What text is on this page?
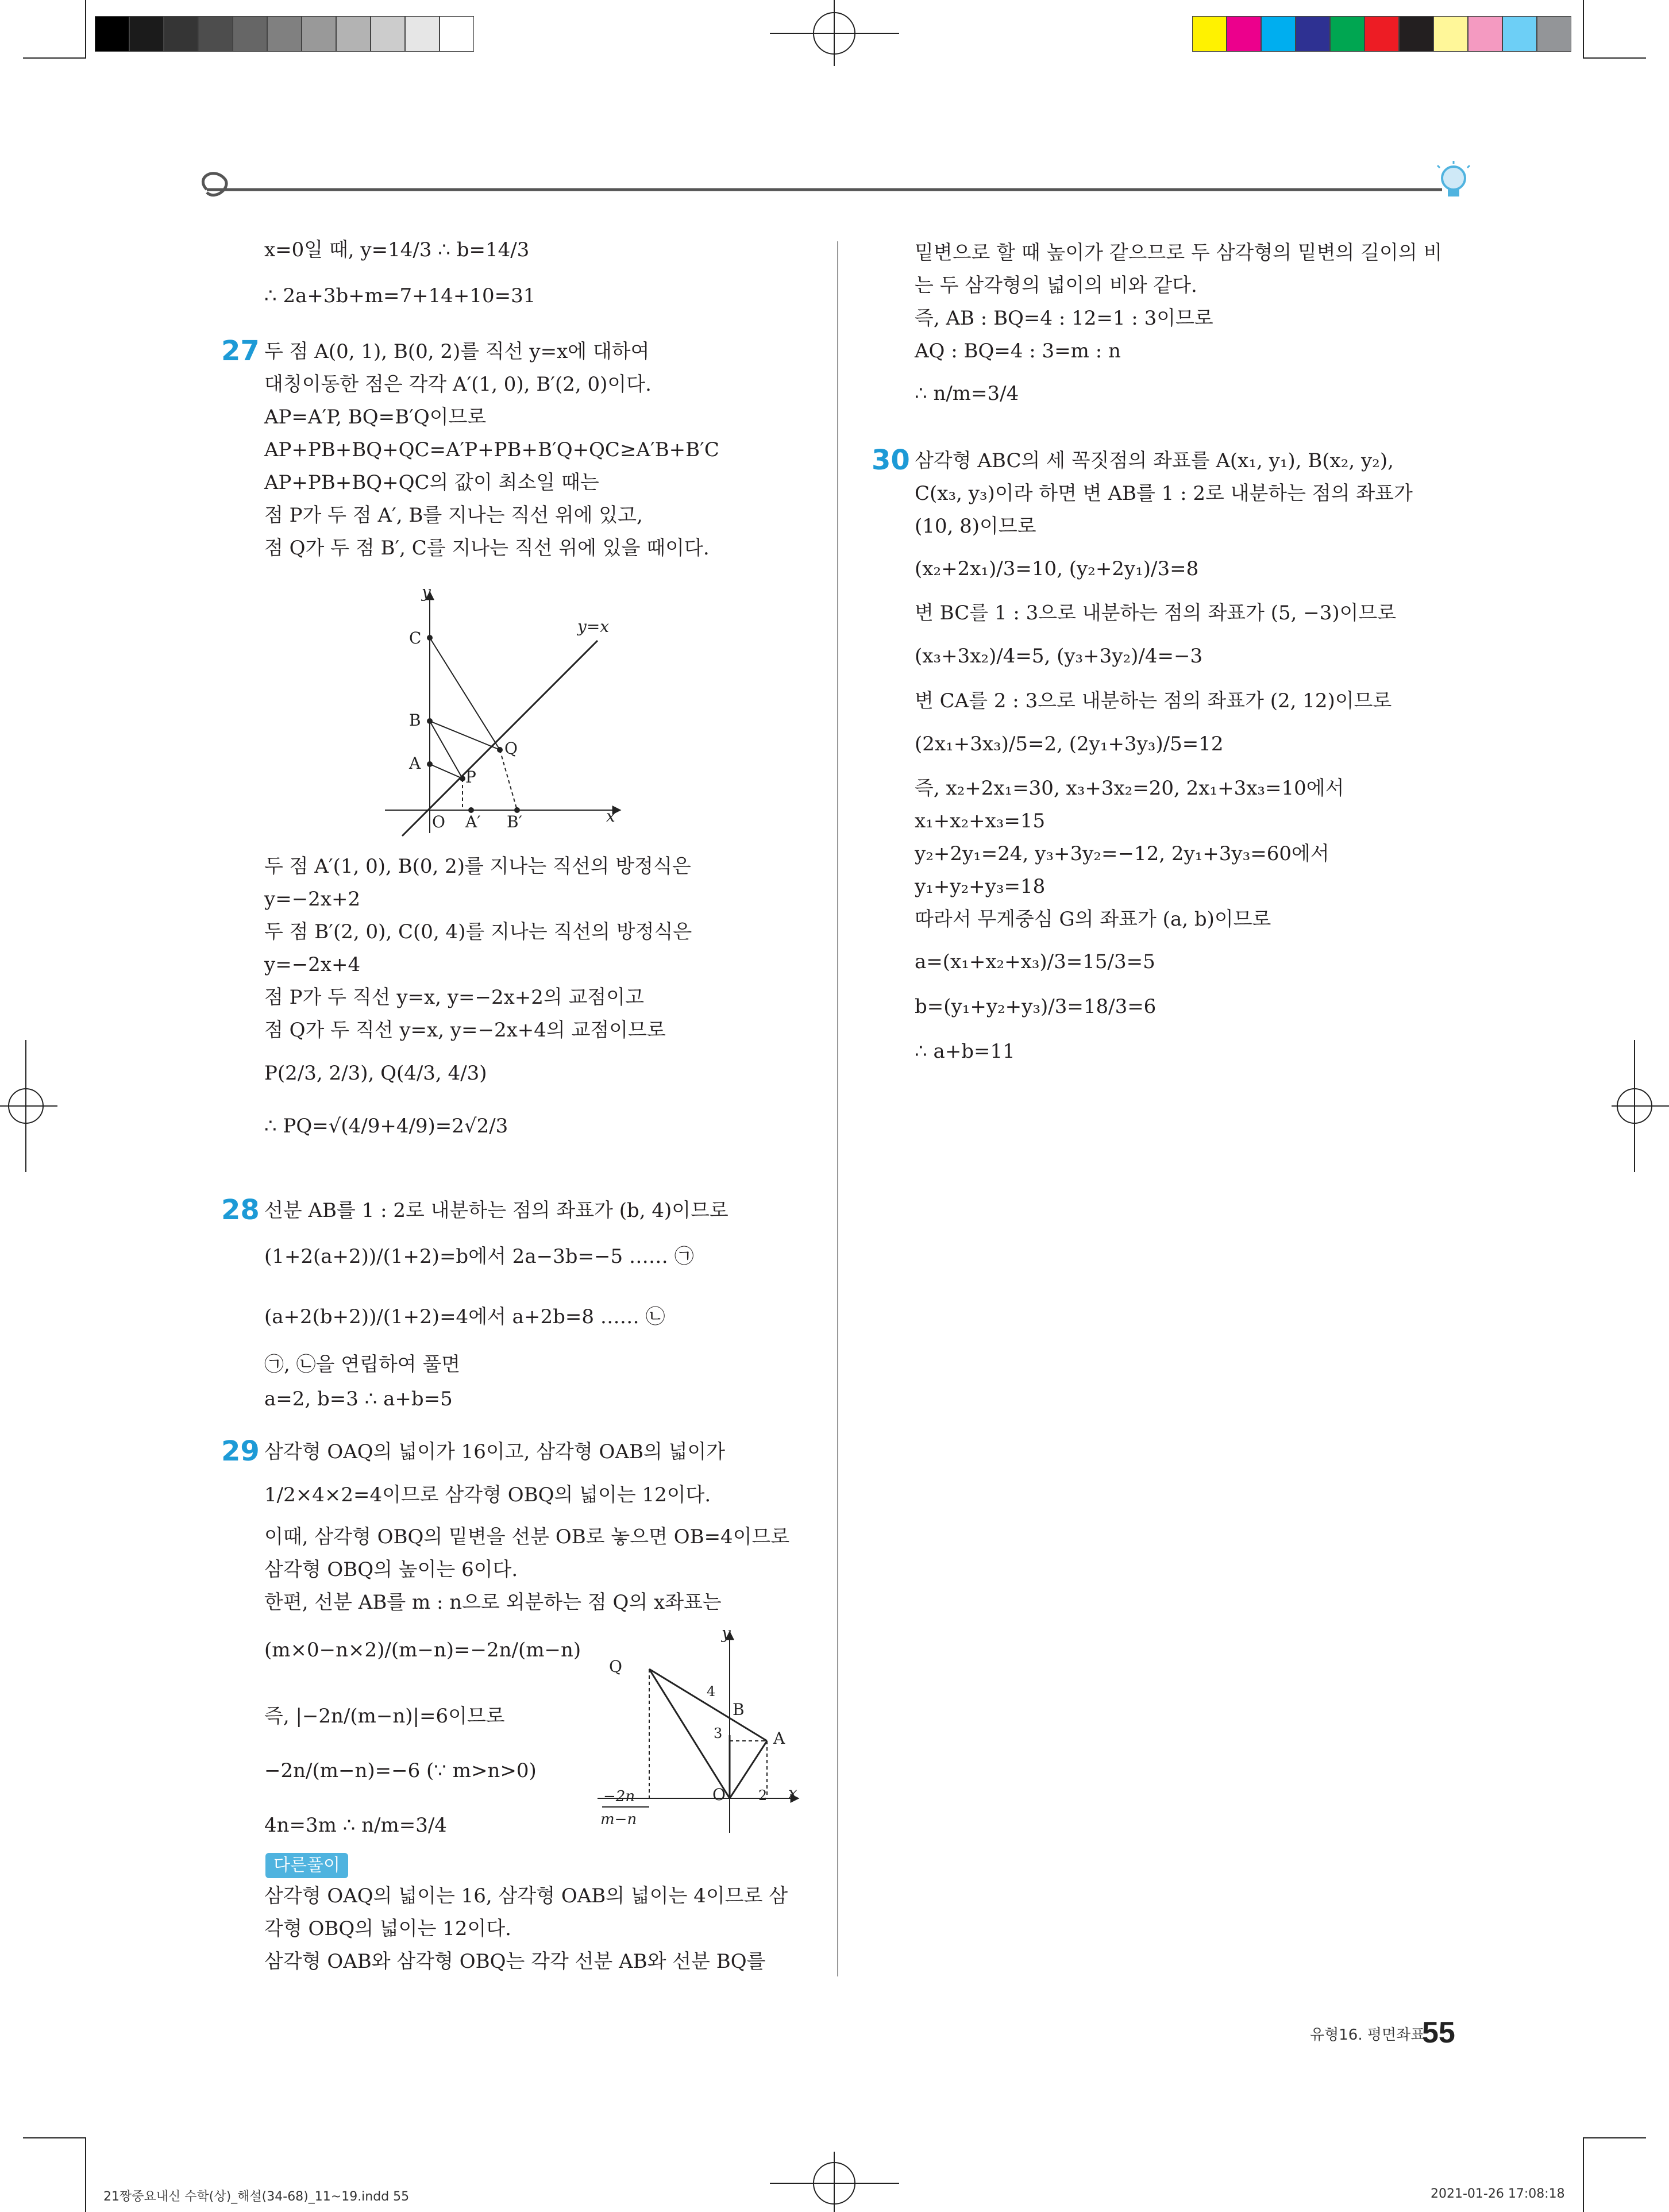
x=0일 때, y=14/3 ∴ b=14/3
∴ 2a+3b+m=7+14+10=31
27 두 점 A(0, 1), B(0, 2)를 직선 y=x에 대하여
대칭이동한 점은 각각 A′(1, 0), B′(2, 0)이다.
AP=A′P, BQ=B′Q이므로
AP+PB+BQ+QC=A′P+PB+B′Q+QC≥A′B+B′C
AP+PB+BQ+QC의 값이 최소일 때는
점 P가 두 점 A′, B를 지나는 직선 위에 있고,
점 Q가 두 점 B′, C를 지나는 직선 위에 있을 때이다.
y
x
y=x
C
B
A
O A′ B′
P
Q
두 점 A′(1, 0), B(0, 2)를 지나는 직선의 방정식은
y=−2x+2
두 점 B′(2, 0), C(0, 4)를 지나는 직선의 방정식은
y=−2x+4
점 P가 두 직선 y=x, y=−2x+2의 교점이고
점 Q가 두 직선 y=x, y=−2x+4의 교점이므로
P(2/3, 2/3), Q(4/3, 4/3)
∴ PQ=√(4/9+4/9)=2√2/3
28 선분 AB를 1 : 2로 내분하는 점의 좌표가 (b, 4)이므로
(1+2(a+2))/(1+2)=b에서 2a−3b=−5 …… ㉠
(a+2(b+2))/(1+2)=4에서 a+2b=8 …… ㉡
㉠, ㉡을 연립하여 풀면
a=2, b=3 ∴ a+b=5
29 삼각형 OAQ의 넓이가 16이고, 삼각형 OAB의 넓이가
1/2×4×2=4이므로 삼각형 OBQ의 넓이는 12이다.
이때, 삼각형 OBQ의 밑변을 선분 OB로 놓으면 OB=4이므로
삼각형 OBQ의 높이는 6이다.
한편, 선분 AB를 m : n으로 외분하는 점 Q의 x좌표는
(m×0−n×2)/(m−n)=−2n/(m−n)
즉, |−2n/(m−n)|=6이므로
−2n/(m−n)=−6 (∵ m>n>0)
4n=3m ∴ n/m=3/4
y
x
Q
B
A
O
4
3
2
−2n
m−n
다른풀이
삼각형 OAQ의 넓이는 16, 삼각형 OAB의 넓이는 4이므로 삼
각형 OBQ의 넓이는 12이다.
삼각형 OAB와 삼각형 OBQ는 각각 선분 AB와 선분 BQ를
밑변으로 할 때 높이가 같으므로 두 삼각형의 밑변의 길이의 비
는 두 삼각형의 넓이의 비와 같다.
즉, AB : BQ=4 : 12=1 : 3이므로
AQ : BQ=4 : 3=m : n
∴ n/m=3/4
30 삼각형 ABC의 세 꼭짓점의 좌표를 A(x₁, y₁), B(x₂, y₂),
C(x₃, y₃)이라 하면 변 AB를 1 : 2로 내분하는 점의 좌표가
(10, 8)이므로
(x₂+2x₁)/3=10, (y₂+2y₁)/3=8
변 BC를 1 : 3으로 내분하는 점의 좌표가 (5, −3)이므로
(x₃+3x₂)/4=5, (y₃+3y₂)/4=−3
변 CA를 2 : 3으로 내분하는 점의 좌표가 (2, 12)이므로
(2x₁+3x₃)/5=2, (2y₁+3y₃)/5=12
즉, x₂+2x₁=30, x₃+3x₂=20, 2x₁+3x₃=10에서
x₁+x₂+x₃=15
y₂+2y₁=24, y₃+3y₂=−12, 2y₁+3y₃=60에서
y₁+y₂+y₃=18
따라서 무게중심 G의 좌표가 (a, b)이므로
a=(x₁+x₂+x₃)/3=15/3=5
b=(y₁+y₂+y₃)/3=18/3=6
∴ a+b=11
유형16. 평면좌표
55
21짱중요내신 수학(상)_해설(34-68)_11~19.indd 55	2021-01-26 17:08:18
